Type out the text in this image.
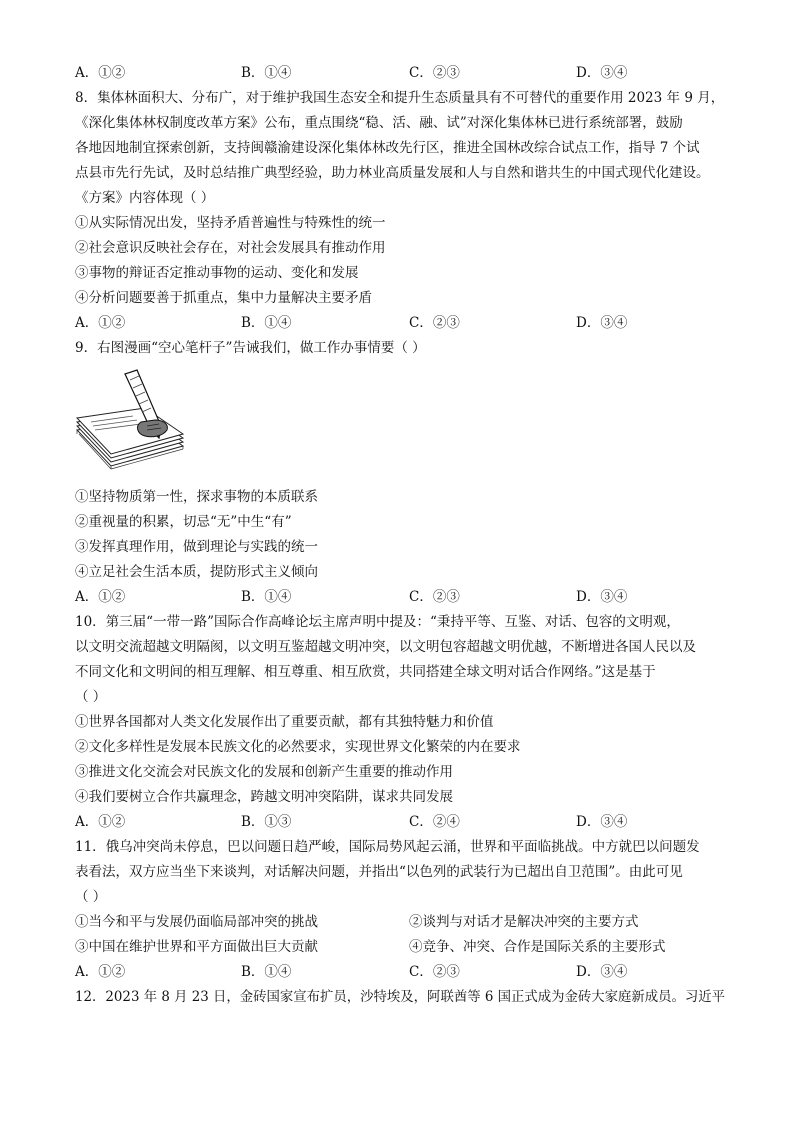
A．①②	B．①④	C．②③	D．③④
8．集体林面积大、分布广，对于维护我国生态安全和提升生态质量具有不可替代的重要作用 2023 年 9 月，
《深化集体林权制度改革方案》公布，重点围绕“稳、活、融、试”对深化集体林已进行系统部署，鼓励
各地因地制宜探索创新，支持闽赣渝建设深化集体林改先行区，推进全国林改综合试点工作，指导 7 个试
点县市先行先试，及时总结推广典型经验，助力林业高质量发展和人与自然和谐共生的中国式现代化建设。
《方案》内容体现（ ）
①从实际情况出发，坚持矛盾普遍性与特殊性的统一
②社会意识反映社会存在，对社会发展具有推动作用
③事物的辩证否定推动事物的运动、变化和发展
④分析问题要善于抓重点，集中力量解决主要矛盾
A．①②	B．①④	C．②③	D．③④
9．右图漫画“空心笔杆子”告诫我们，做工作办事情要（ ）
①坚持物质第一性，探求事物的本质联系
②重视量的积累，切忌“无”中生“有”
③发挥真理作用，做到理论与实践的统一
④立足社会生活本质，提防形式主义倾向
A．①②	B．①④	C．②③	D．③④
10．第三届“一带一路”国际合作高峰论坛主席声明中提及：“秉持平等、互鉴、对话、包容的文明观，
以文明交流超越文明隔阂，以文明互鉴超越文明冲突，以文明包容超越文明优越，不断增进各国人民以及
不同文化和文明间的相互理解、相互尊重、相互欣赏，共同搭建全球文明对话合作网络。”这是基于
（ ）
①世界各国都对人类文化发展作出了重要贡献，都有其独特魅力和价值
②文化多样性是发展本民族文化的必然要求，实现世界文化繁荣的内在要求
③推进文化交流会对民族文化的发展和创新产生重要的推动作用
④我们要树立合作共赢理念，跨越文明冲突陷阱，谋求共同发展
A．①②	B．①③	C．②④	D．③④
11．俄乌冲突尚未停息，巴以问题日趋严峻，国际局势风起云涌，世界和平面临挑战。中方就巴以问题发
表看法，双方应当坐下来谈判，对话解决问题，并指出“以色列的武装行为已超出自卫范围”。由此可见
（ ）
①当今和平与发展仍面临局部冲突的挑战	②谈判与对话才是解决冲突的主要方式
③中国在维护世界和平方面做出巨大贡献	④竞争、冲突、合作是国际关系的主要形式
A．①②	B．①④	C．②③	D．③④
12．2023 年 8 月 23 日，金砖国家宣布扩员，沙特埃及，阿联酋等 6 国正式成为金砖大家庭新成员。习近平
